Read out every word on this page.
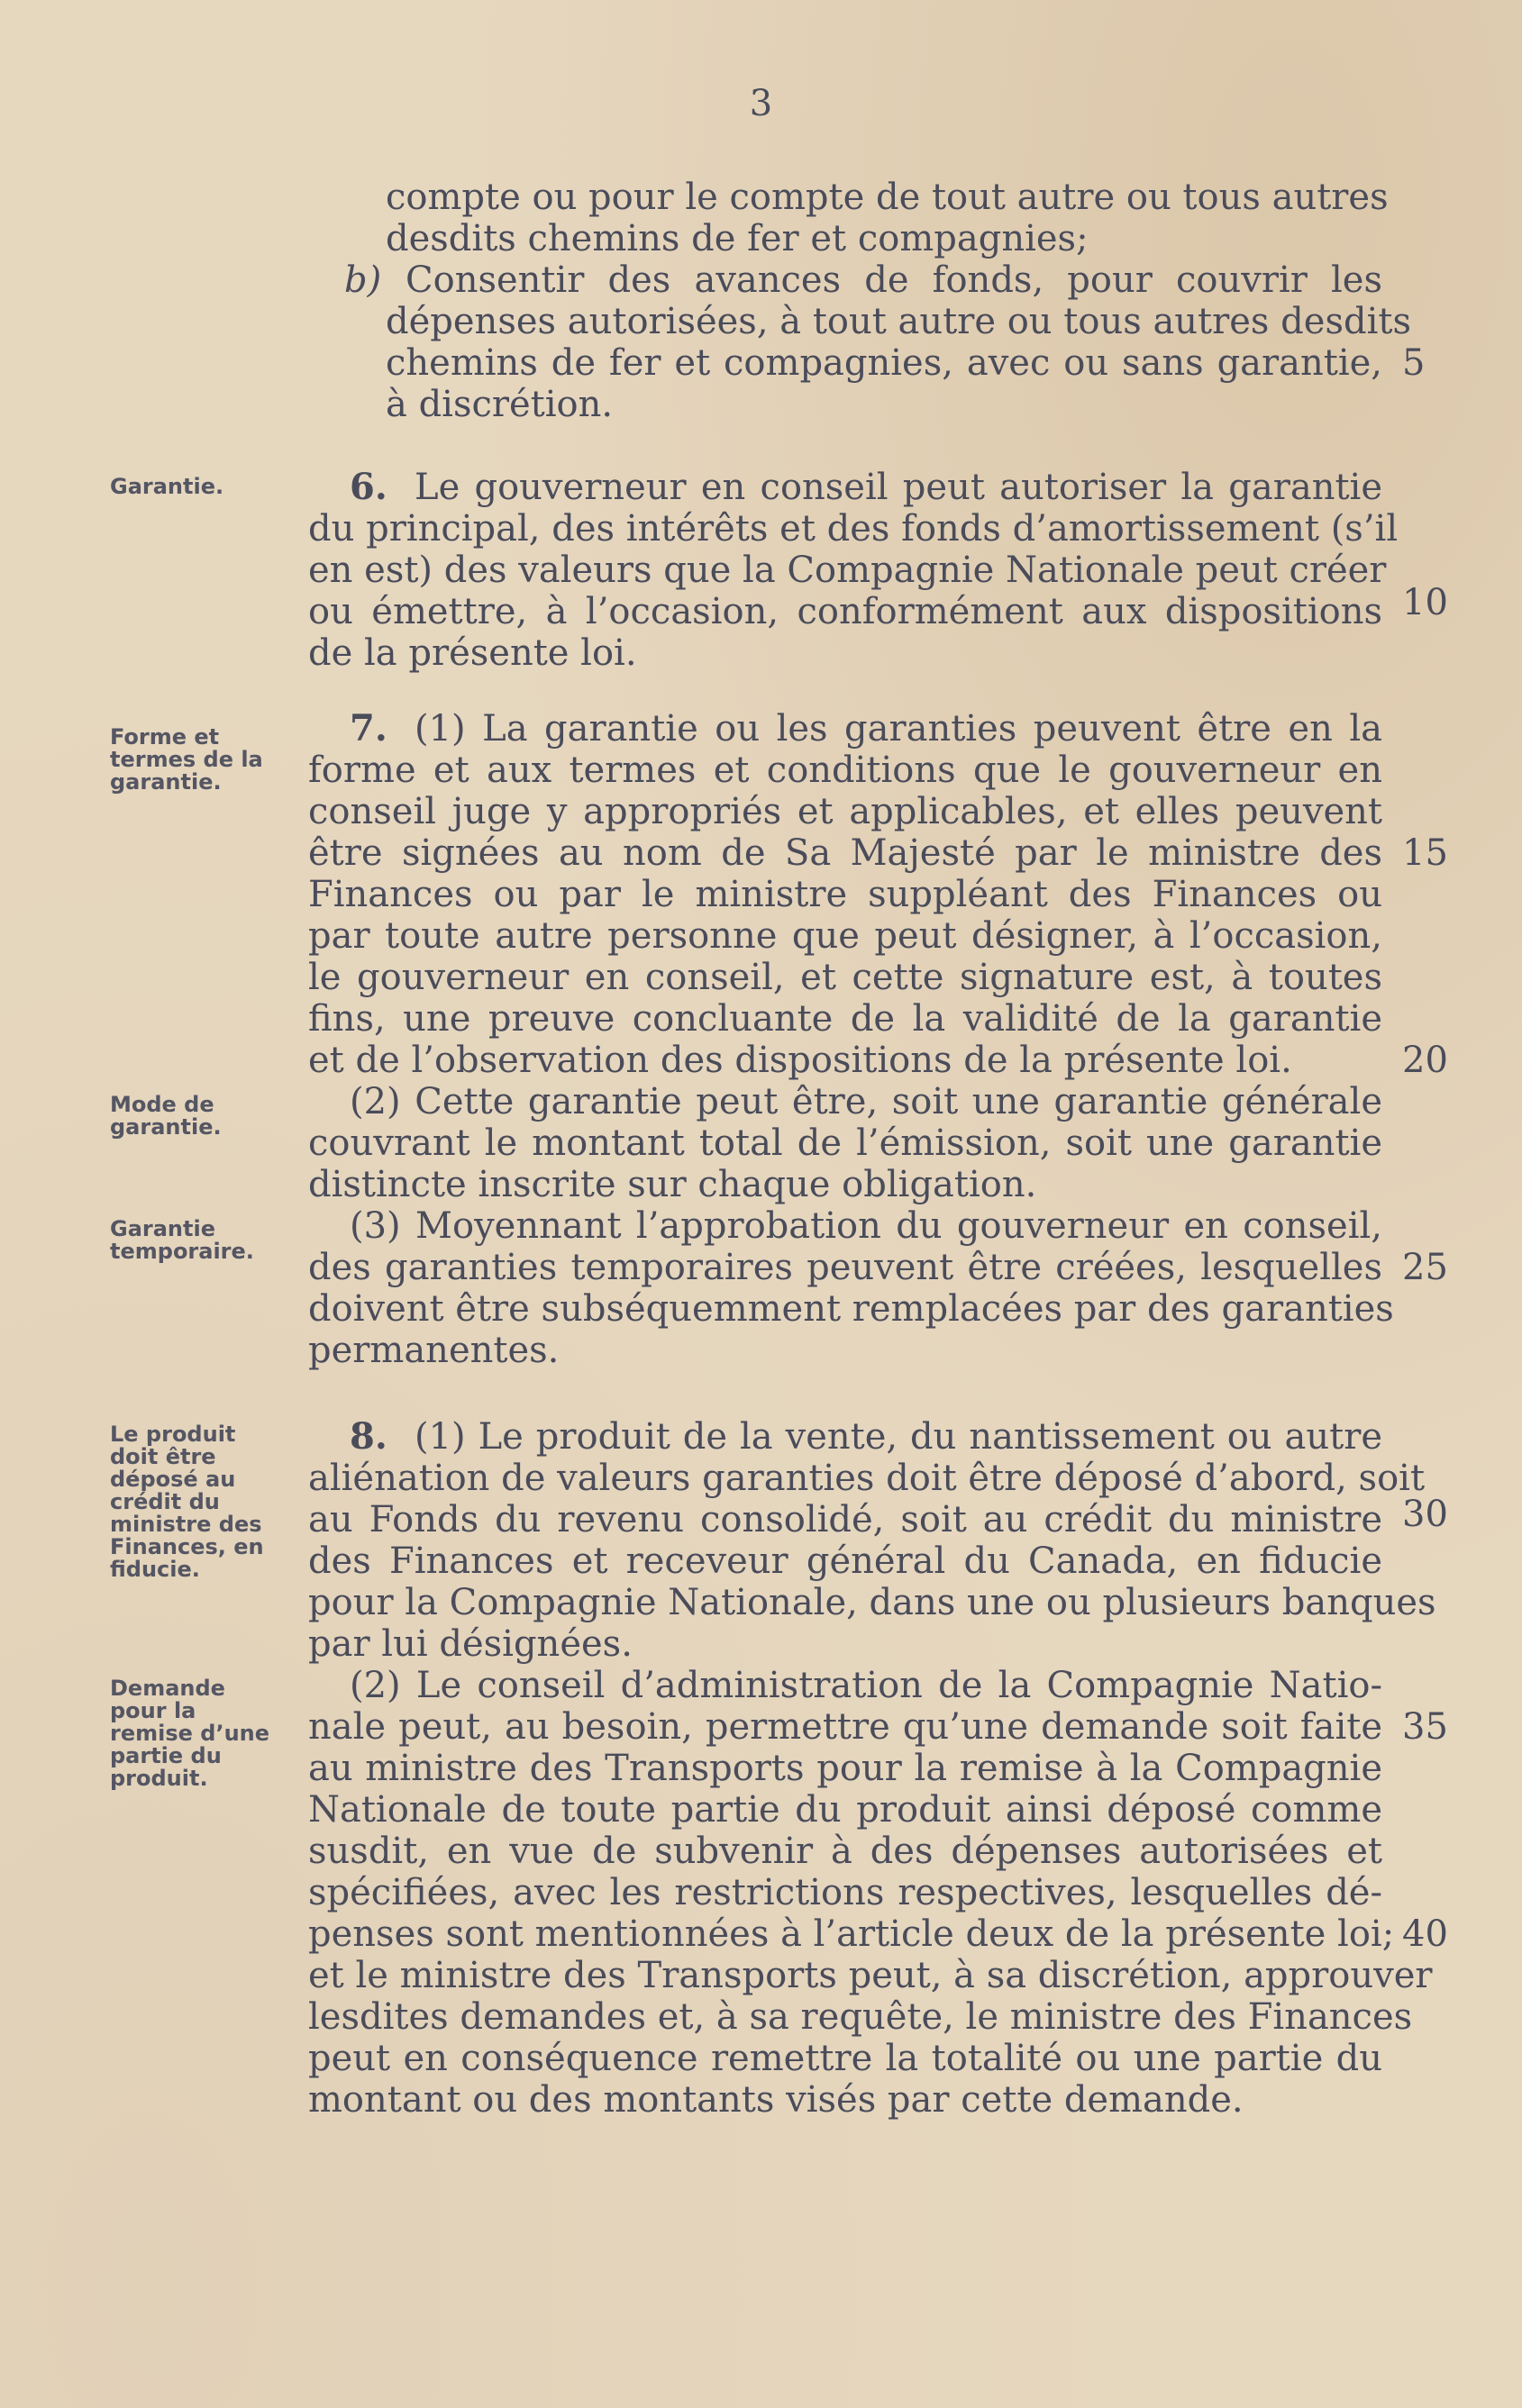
3
compte ou pour le compte de tout autre ou tous autres
desdits chemins de fer et compagnies;
b) Consentir des avances de fonds, pour couvrir les
dépenses autorisées, à tout autre ou tous autres desdits
chemins de fer et compagnies, avec ou sans garantie,
à discrétion.
5
Garantie.	6. Le gouverneur en conseil peut autoriser la garantie
du principal, des intérêts et des fonds d’amortissement (s’il
en est) des valeurs que la Compagnie Nationale peut créer
ou émettre, à l’occasion, conformément aux dispositions
de la présente loi.
10
Forme et
termes de la
garantie.
7. (1) La garantie ou les garanties peuvent être en la
forme et aux termes et conditions que le gouverneur en
conseil juge y appropriés et applicables, et elles peuvent
être signées au nom de Sa Majesté par le ministre des
Finances ou par le ministre suppléant des Finances ou
par toute autre personne que peut désigner, à l’occasion,
le gouverneur en conseil, et cette signature est, à toutes
fins, une preuve concluante de la validité de la garantie
et de l’observation des dispositions de la présente loi.
15
20
Mode de
garantie.
(2) Cette garantie peut être, soit une garantie générale
couvrant le montant total de l’émission, soit une garantie
distincte inscrite sur chaque obligation.
Garantie
temporaire.
(3) Moyennant l’approbation du gouverneur en conseil,
des garanties temporaires peuvent être créées, lesquelles
doivent être subséquemment remplacées par des garanties
permanentes.
25
Le produit
doit être
déposé au
crédit du
ministre des
Finances, en
fiducie.
8. (1) Le produit de la vente, du nantissement ou autre
aliénation de valeurs garanties doit être déposé d’abord, soit
au Fonds du revenu consolidé, soit au crédit du ministre
des Finances et receveur général du Canada, en fiducie
pour la Compagnie Nationale, dans une ou plusieurs banques
par lui désignées.
30
Demande
pour la
remise d’une
partie du
produit.
(2) Le conseil d’administration de la Compagnie Natio-
nale peut, au besoin, permettre qu’une demande soit faite
au ministre des Transports pour la remise à la Compagnie
Nationale de toute partie du produit ainsi déposé comme
susdit, en vue de subvenir à des dépenses autorisées et
spécifiées, avec les restrictions respectives, lesquelles dé-
penses sont mentionnées à l’article deux de la présente loi;
et le ministre des Transports peut, à sa discrétion, approuver
lesdites demandes et, à sa requête, le ministre des Finances
peut en conséquence remettre la totalité ou une partie du
montant ou des montants visés par cette demande.
35
40
